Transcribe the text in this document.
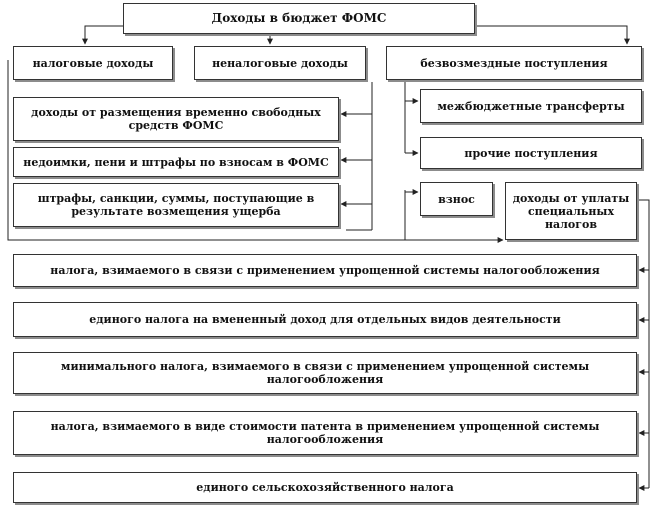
Доходы в бюджет ФОМС
налоговые доходы	неналоговые доходы	безвозмездные поступления
доходы от размещения временно свободных средств ФОМС
недоимки, пени и штрафы по взносам в ФОМС
штрафы, санкции, суммы, поступающие в результате возмещения ущерба
межбюджетные трансферты
прочие поступления
взнос	доходы от уплаты специальных налогов
налога, взимаемого в связи с применением упрощенной системы налогообложения
единого налога на вмененный доход для отдельных видов деятельности
минимального налога, взимаемого в связи с применением упрощенной системы налогообложения
налога, взимаемого в виде стоимости патента в применением упрощенной системы налогообложения
единого сельскохозяйственного налога
